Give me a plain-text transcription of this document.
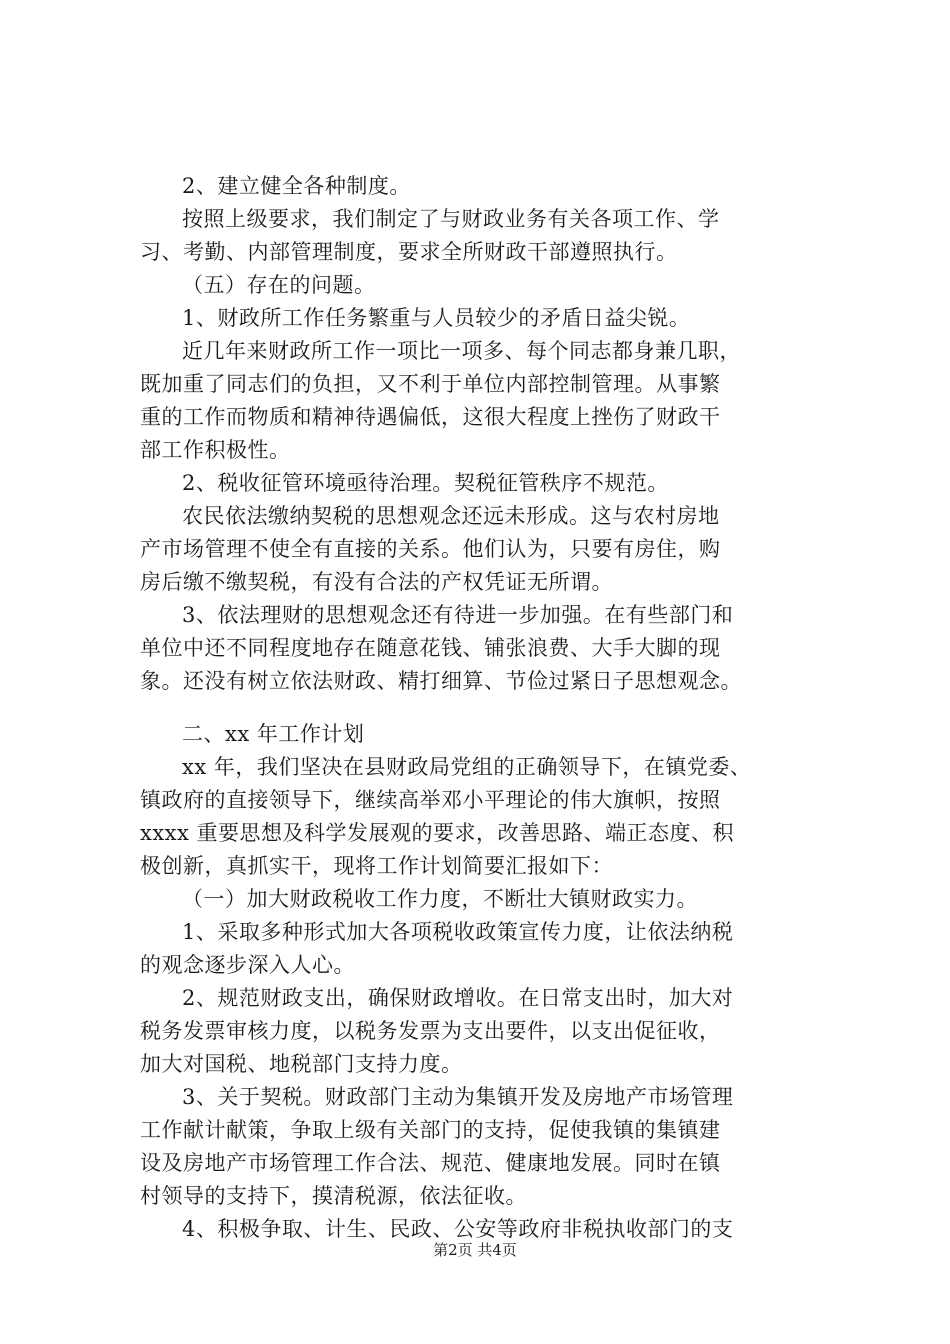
2、建立健全各种制度。
按照上级要求，我们制定了与财政业务有关各项工作、学
习、考勤、内部管理制度，要求全所财政干部遵照执行。
（五）存在的问题。
1、财政所工作任务繁重与人员较少的矛盾日益尖锐。
近几年来财政所工作一项比一项多、每个同志都身兼几职，
既加重了同志们的负担，又不利于单位内部控制管理。从事繁
重的工作而物质和精神待遇偏低，这很大程度上挫伤了财政干
部工作积极性。
2、税收征管环境亟待治理。契税征管秩序不规范。
农民依法缴纳契税的思想观念还远未形成。这与农村房地
产市场管理不使全有直接的关系。他们认为，只要有房住，购
房后缴不缴契税，有没有合法的产权凭证无所谓。
3、依法理财的思想观念还有待进一步加强。在有些部门和
单位中还不同程度地存在随意花钱、铺张浪费、大手大脚的现
象。还没有树立依法财政、精打细算、节俭过紧日子思想观念。
二、xx 年工作计划
xx 年，我们坚决在县财政局党组的正确领导下，在镇党委、
镇政府的直接领导下，继续高举邓小平理论的伟大旗帜，按照
xxxx 重要思想及科学发展观的要求，改善思路、端正态度、积
极创新，真抓实干，现将工作计划简要汇报如下：
（一）加大财政税收工作力度，不断壮大镇财政实力。
1、采取多种形式加大各项税收政策宣传力度，让依法纳税
的观念逐步深入人心。
2、规范财政支出，确保财政增收。在日常支出时，加大对
税务发票审核力度，以税务发票为支出要件，以支出促征收，
加大对国税、地税部门支持力度。
3、关于契税。财政部门主动为集镇开发及房地产市场管理
工作献计献策，争取上级有关部门的支持，促使我镇的集镇建
设及房地产市场管理工作合法、规范、健康地发展。同时在镇
村领导的支持下，摸清税源，依法征收。
4、积极争取、计生、民政、公安等政府非税执收部门的支
第2页 共4页
